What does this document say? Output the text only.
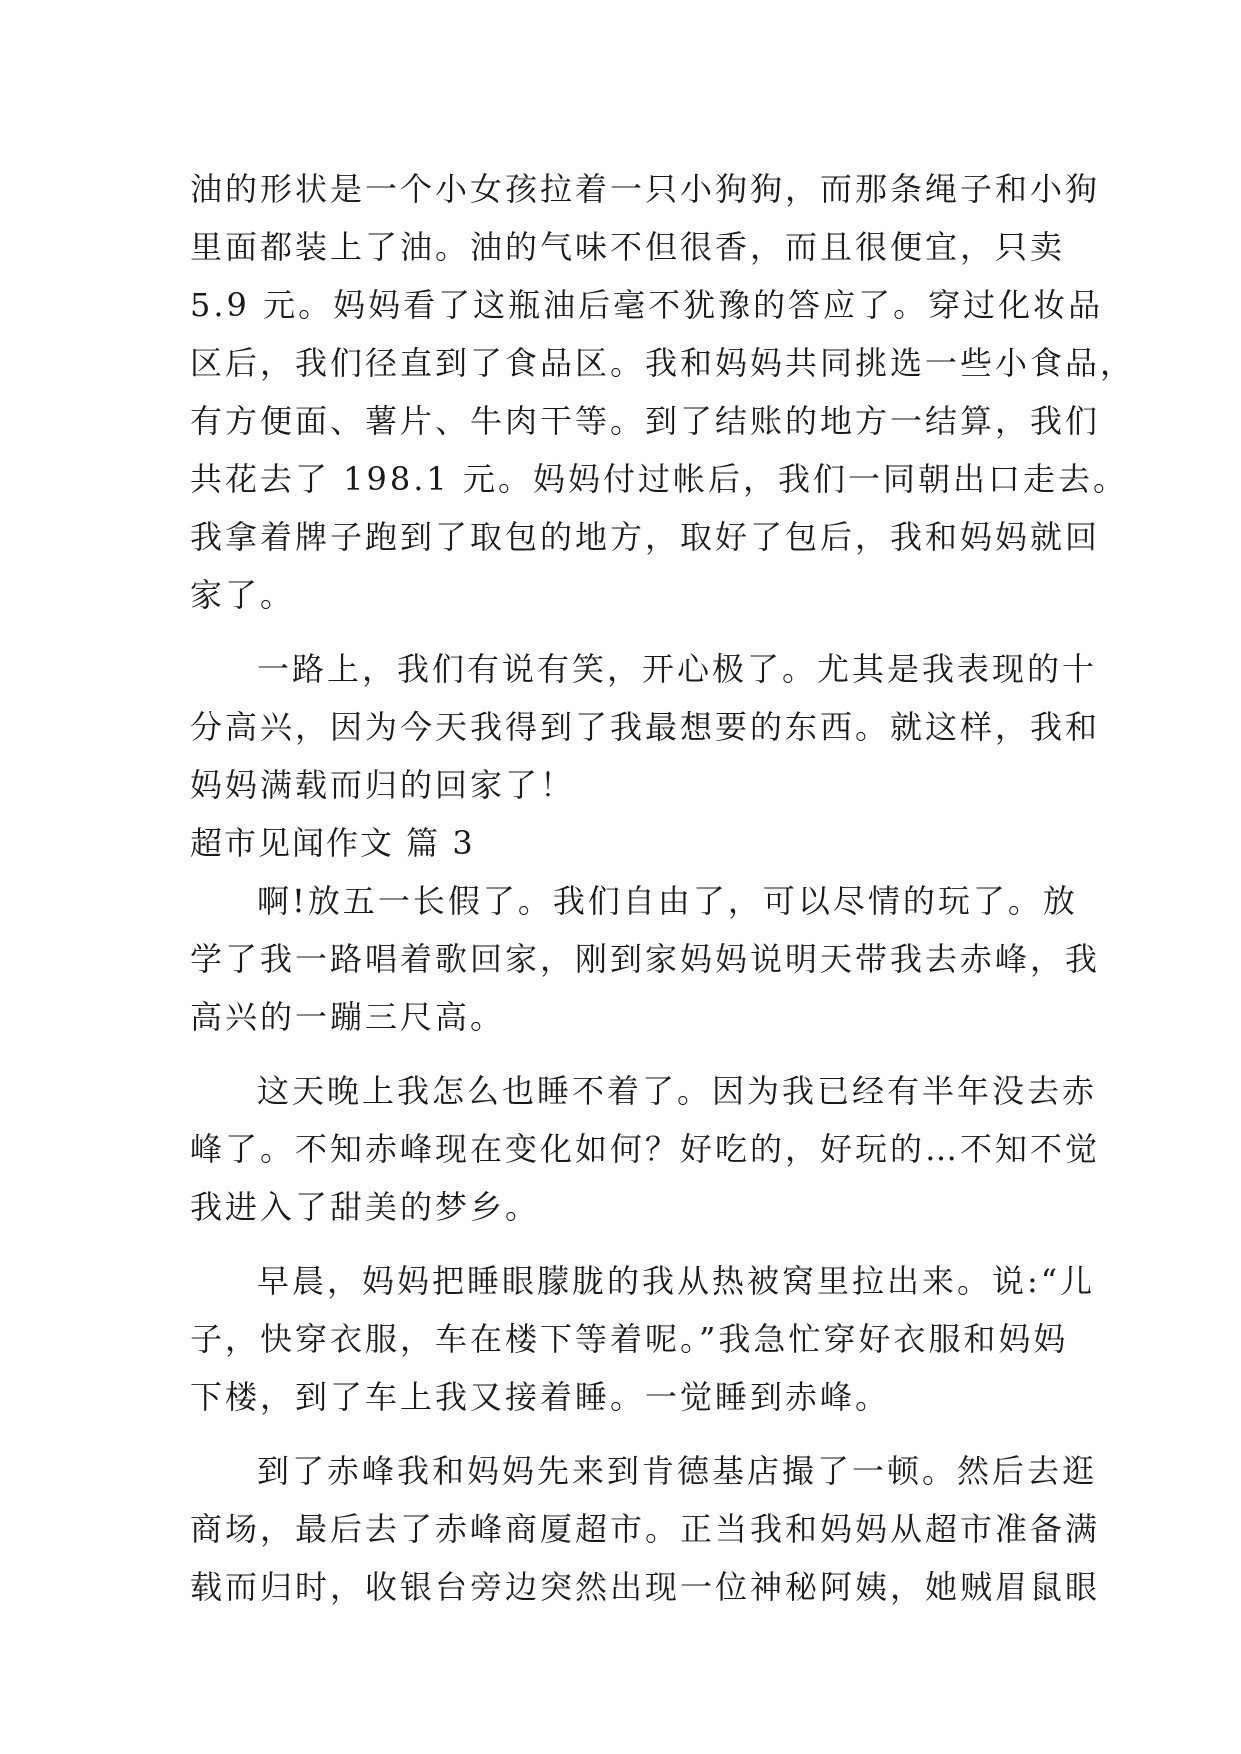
油的形状是一个小女孩拉着一只小狗狗，而那条绳子和小狗
里面都装上了油。油的气味不但很香，而且很便宜，只卖
5.9 元。妈妈看了这瓶油后毫不犹豫的答应了。穿过化妆品
区后，我们径直到了食品区。我和妈妈共同挑选一些小食品，
有方便面、薯片、牛肉干等。到了结账的地方一结算，我们
共花去了 198.1 元。妈妈付过帐后，我们一同朝出口走去。
我拿着牌子跑到了取包的地方，取好了包后，我和妈妈就回
家了。
一路上，我们有说有笑，开心极了。尤其是我表现的十
分高兴，因为今天我得到了我最想要的东西。就这样，我和
妈妈满载而归的回家了！
超市见闻作文 篇 3
啊!放五一长假了。我们自由了，可以尽情的玩了。放
学了我一路唱着歌回家，刚到家妈妈说明天带我去赤峰，我
高兴的一蹦三尺高。
这天晚上我怎么也睡不着了。因为我已经有半年没去赤
峰了。不知赤峰现在变化如何？好吃的，好玩的…不知不觉
我进入了甜美的梦乡。
早晨，妈妈把睡眼朦胧的我从热被窝里拉出来。说:“儿
子，快穿衣服，车在楼下等着呢。”我急忙穿好衣服和妈妈
下楼，到了车上我又接着睡。一觉睡到赤峰。
到了赤峰我和妈妈先来到肯德基店撮了一顿。然后去逛
商场，最后去了赤峰商厦超市。正当我和妈妈从超市准备满
载而归时，收银台旁边突然出现一位神秘阿姨，她贼眉鼠眼
